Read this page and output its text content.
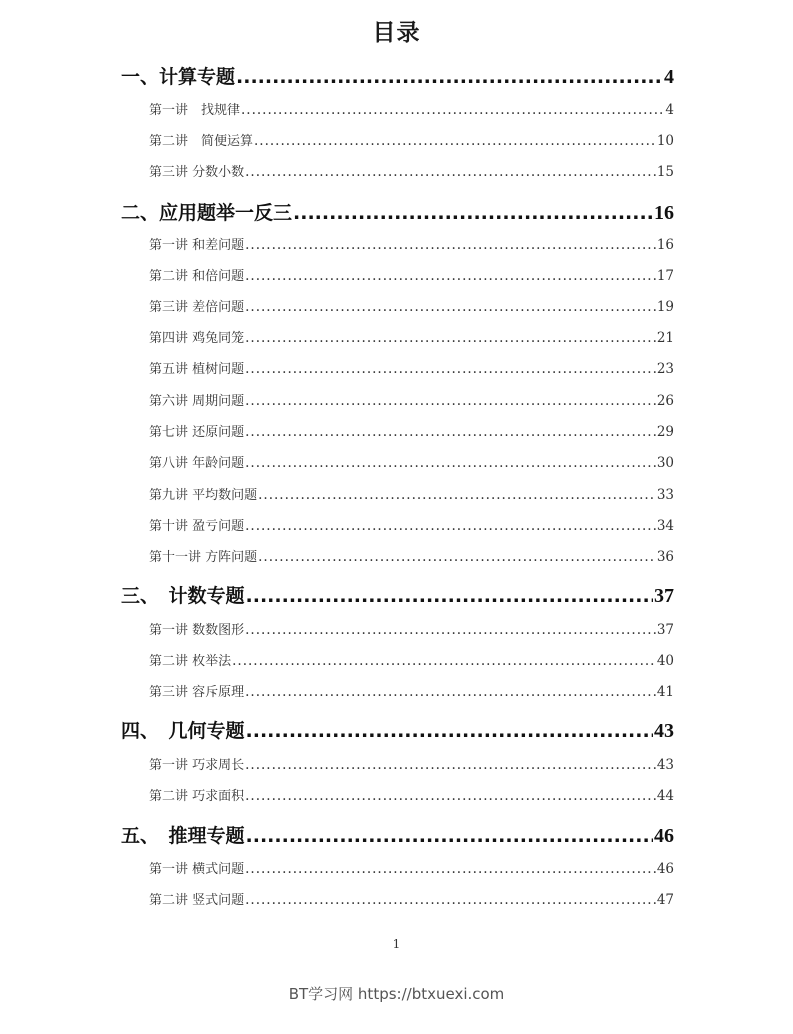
目录
一、计算专题 .....	4
第一讲　找规律 .....	4
第二讲　简便运算 .....	10
第三讲 分数小数 .....	15
二、应用题举一反三 .....	16
第一讲 和差问题 .....	16
第二讲 和倍问题 .....	17
第三讲 差倍问题 .....	19
第四讲 鸡兔同笼 .....	21
第五讲 植树问题 .....	23
第六讲 周期问题 .....	26
第七讲 还原问题 .....	29
第八讲 年龄问题 .....	30
第九讲 平均数问题 .....	33
第十讲 盈亏问题 .....	34
第十一讲 方阵问题 .....	36
三、　计数专题 .....	37
第一讲 数数图形 .....	37
第二讲 枚举法 .....	40
第三讲 容斥原理 .....	41
四、　几何专题 .....	43
第一讲 巧求周长 .....	43
第二讲 巧求面积 .....	44
五、　推理专题 .....	46
第一讲 横式问题 .....	46
第二讲 竖式问题 .....	47
1
BT学习网 https://btxuexi.com
